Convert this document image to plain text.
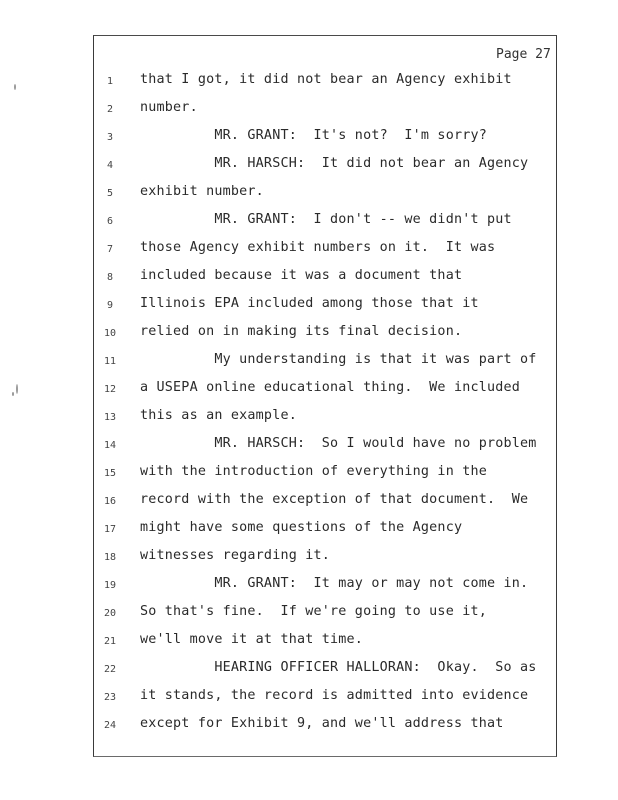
Page 27
1	that I got, it did not bear an Agency exhibit
2	number.
3	MR. GRANT:  It's not?  I'm sorry?
4	MR. HARSCH:  It did not bear an Agency
5	exhibit number.
6	MR. GRANT:  I don't -- we didn't put
7	those Agency exhibit numbers on it.  It was
8	included because it was a document that
9	Illinois EPA included among those that it
10	relied on in making its final decision.
11	My understanding is that it was part of
12	a USEPA online educational thing.  We included
13	this as an example.
14	MR. HARSCH:  So I would have no problem
15	with the introduction of everything in the
16	record with the exception of that document.  We
17	might have some questions of the Agency
18	witnesses regarding it.
19	MR. GRANT:  It may or may not come in.
20	So that's fine.  If we're going to use it,
21	we'll move it at that time.
22	HEARING OFFICER HALLORAN:  Okay.  So as
23	it stands, the record is admitted into evidence
24	except for Exhibit 9, and we'll address that
